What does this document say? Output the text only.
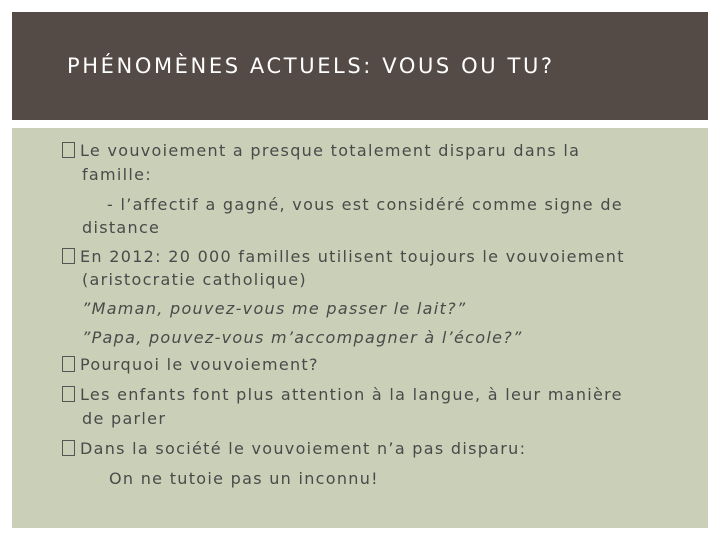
PHÉNOMÈNES ACTUELS: VOUS OU TU?
Le vouvoiement a presque totalement disparu dans la
famille:
- l’affectif a gagné, vous est considéré comme signe de
distance
En 2012: 20 000 familles utilisent toujours le vouvoiement
(aristocratie catholique)
”Maman, pouvez-vous me passer le lait?”
”Papa, pouvez-vous m’accompagner à l’école?”
Pourquoi le vouvoiement?
Les enfants font plus attention à la langue, à leur manière
de parler
Dans la société le vouvoiement n’a pas disparu:
On ne tutoie pas un inconnu!
